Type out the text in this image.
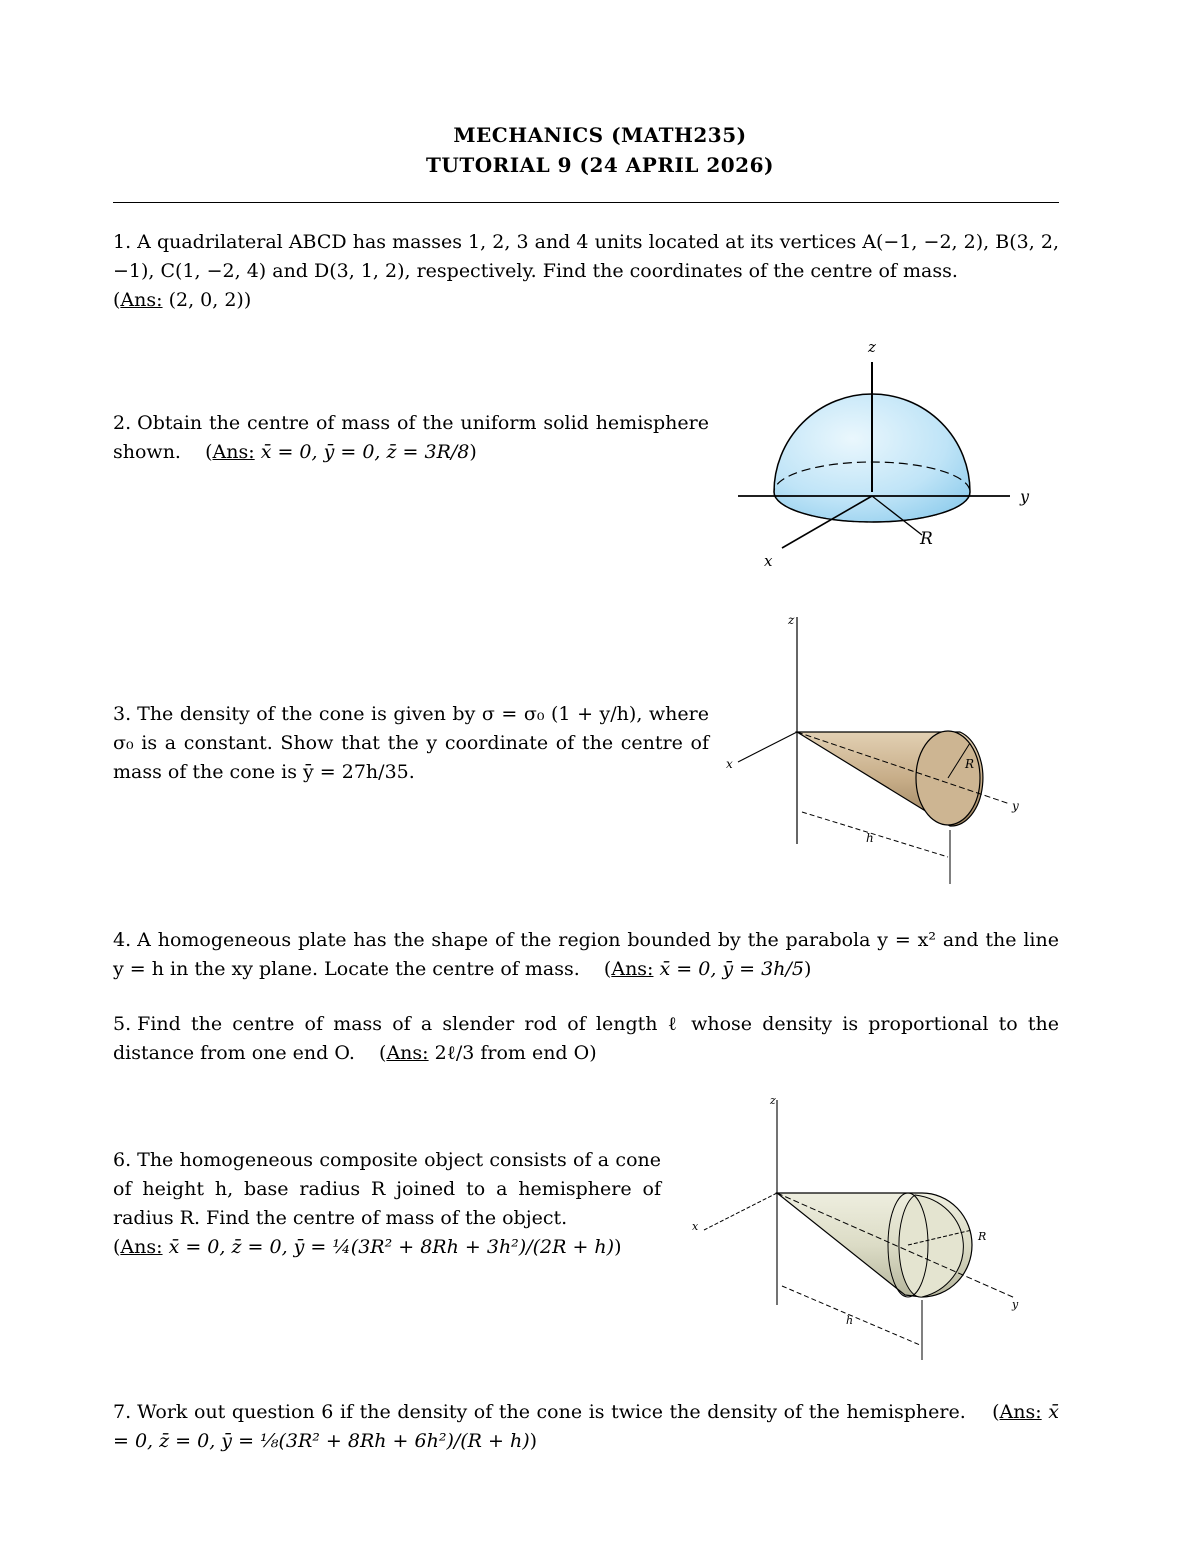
MECHANICS (MATH235)
TUTORIAL 9 (24 APRIL 2026)
1. A quadrilateral ABCD has masses 1, 2, 3 and 4 units located at its vertices A(−1, −2, 2), B(3, 2, −1), C(1, −2, 4) and D(3, 1, 2), respectively. Find the coordinates of the centre of mass.
(Ans: (2, 0, 2))
2. Obtain the centre of mass of the uniform solid hemisphere shown.    (Ans: x̄ = 0, ȳ = 0, z̄ = 3R/8)
z
y
x
R
3. The density of the cone is given by σ = σ₀ (1 + y/h), where σ₀ is a constant. Show that the y coordinate of the centre of mass of the cone is ȳ = 27h/35.
z
x
y
R
h
4. A homogeneous plate has the shape of the region bounded by the parabola y = x² and the line y = h in the xy plane. Locate the centre of mass.    (Ans: x̄ = 0, ȳ = 3h/5)
5. Find the centre of mass of a slender rod of length ℓ whose density is proportional to the distance from one end O.    (Ans: 2ℓ/3 from end O)
6. The homogeneous composite object consists of a cone of height h, base radius R joined to a hemisphere of radius R. Find the centre of mass of the object.
(Ans: x̄ = 0, z̄ = 0, ȳ = ¼(3R² + 8Rh + 3h²)/(2R + h))
z
x
y
R
h
7. Work out question 6 if the density of the cone is twice the density of the hemisphere.    (Ans: x̄ = 0, z̄ = 0, ȳ = ⅛(3R² + 8Rh + 6h²)/(R + h))
